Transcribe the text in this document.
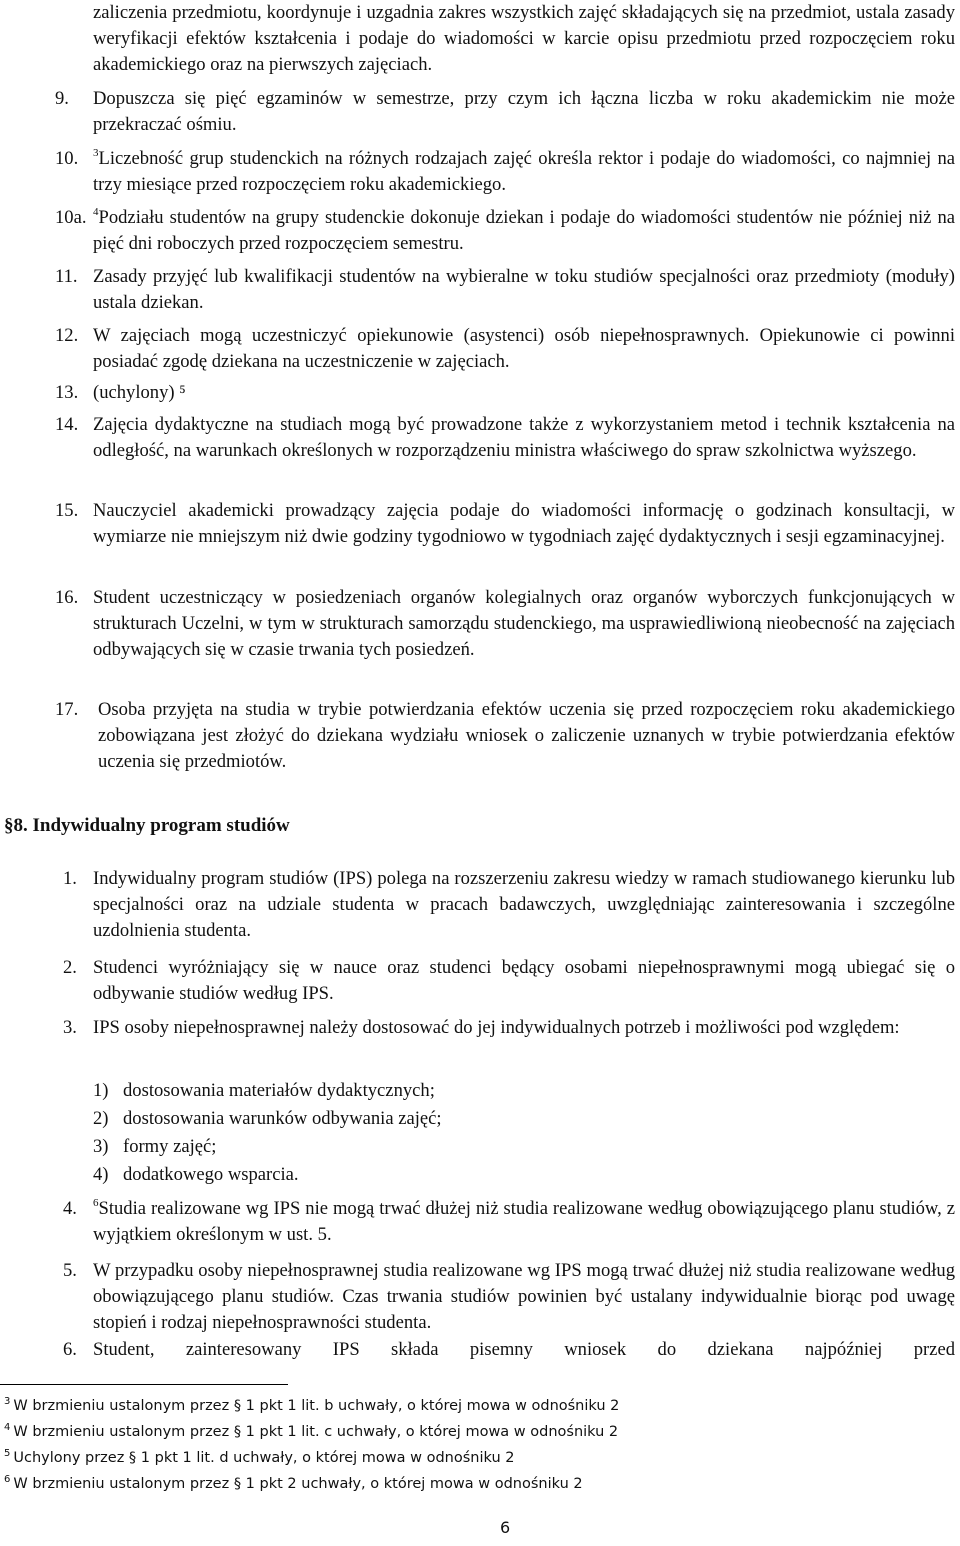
zaliczenia przedmiotu, koordynuje i uzgadnia zakres wszystkich zajęć składających się na przedmiot, ustala zasady weryfikacji efektów kształcenia i podaje do wiadomości w karcie opisu przedmiotu przed rozpoczęciem roku akademickiego oraz na pierwszych zajęciach.
9. Dopuszcza się pięć egzaminów w semestrze, przy czym ich łączna liczba w roku akademickim nie może przekraczać ośmiu.
10. $^3$Liczebność grup studenckich na różnych rodzajach zajęć określa rektor i podaje do wiadomości, co najmniej na trzy miesiące przed rozpoczęciem roku akademickiego.
10a. $^4$Podziału studentów na grupy studenckie dokonuje dziekan i podaje do wiadomości studentów nie później niż na pięć dni roboczych przed rozpoczęciem semestru.
11. Zasady przyjęć lub kwalifikacji studentów na wybieralne w toku studiów specjalności oraz przedmioty (moduły) ustala dziekan.
12. W zajęciach mogą uczestniczyć opiekunowie (asystenci) osób niepełnosprawnych. Opiekunowie ci powinni posiadać zgodę dziekana na uczestniczenie w zajęciach.
13. (uchylony) ⁵
14. Zajęcia dydaktyczne na studiach mogą być prowadzone także z wykorzystaniem metod i technik kształcenia na odległość, na warunkach określonych w rozporządzeniu ministra właściwego do spraw szkolnictwa wyższego.
15. Nauczyciel akademicki prowadzący zajęcia podaje do wiadomości informację o godzinach konsultacji, w wymiarze nie mniejszym niż dwie godziny tygodniowo w tygodniach zajęć dydaktycznych i sesji egzaminacyjnej.
16. Student uczestniczący w posiedzeniach organów kolegialnych oraz organów wyborczych funkcjonujących w strukturach Uczelni, w tym w strukturach samorządu studenckiego, ma usprawiedliwioną nieobecność na zajęciach odbywających się w czasie trwania tych posiedzeń.
17. Osoba przyjęta na studia w trybie potwierdzania efektów uczenia się przed rozpoczęciem roku akademickiego zobowiązana jest złożyć do dziekana wydziału wniosek o zaliczenie uznanych w trybie potwierdzania efektów uczenia się przedmiotów.
§8. Indywidualny program studiów
1. Indywidualny program studiów (IPS) polega na rozszerzeniu zakresu wiedzy w ramach studiowanego kierunku lub specjalności oraz na udziale studenta w pracach badawczych, uwzględniając zainteresowania i szczególne uzdolnienia studenta.
2. Studenci wyróżniający się w nauce oraz studenci będący osobami niepełnosprawnymi mogą ubiegać się o odbywanie studiów według IPS.
3. IPS osoby niepełnosprawnej należy dostosować do jej indywidualnych potrzeb i możliwości pod względem:
1) dostosowania materiałów dydaktycznych;
2) dostosowania warunków odbywania zajęć;
3) formy zajęć;
4) dodatkowego wsparcia.
4. $^6$Studia realizowane wg IPS nie mogą trwać dłużej niż studia realizowane według obowiązującego planu studiów, z wyjątkiem określonym w ust. 5.
5. W przypadku osoby niepełnosprawnej studia realizowane wg IPS mogą trwać dłużej niż studia realizowane według obowiązującego planu studiów. Czas trwania studiów powinien być ustalany indywidualnie biorąc pod uwagę stopień i rodzaj niepełnosprawności studenta.
6. Student, zainteresowany IPS składa pisemny wniosek do dziekana najpóźniej przed
$^3$ W brzmieniu ustalonym przez § 1 pkt 1 lit. b uchwały, o której mowa w odnośniku 2
$^4$ W brzmieniu ustalonym przez § 1 pkt 1 lit. c uchwały, o której mowa w odnośniku 2
$^5$ Uchylony przez § 1 pkt 1 lit. d uchwały, o której mowa w odnośniku 2
$^6$ W brzmieniu ustalonym przez § 1 pkt 2 uchwały, o której mowa w odnośniku 2
6
